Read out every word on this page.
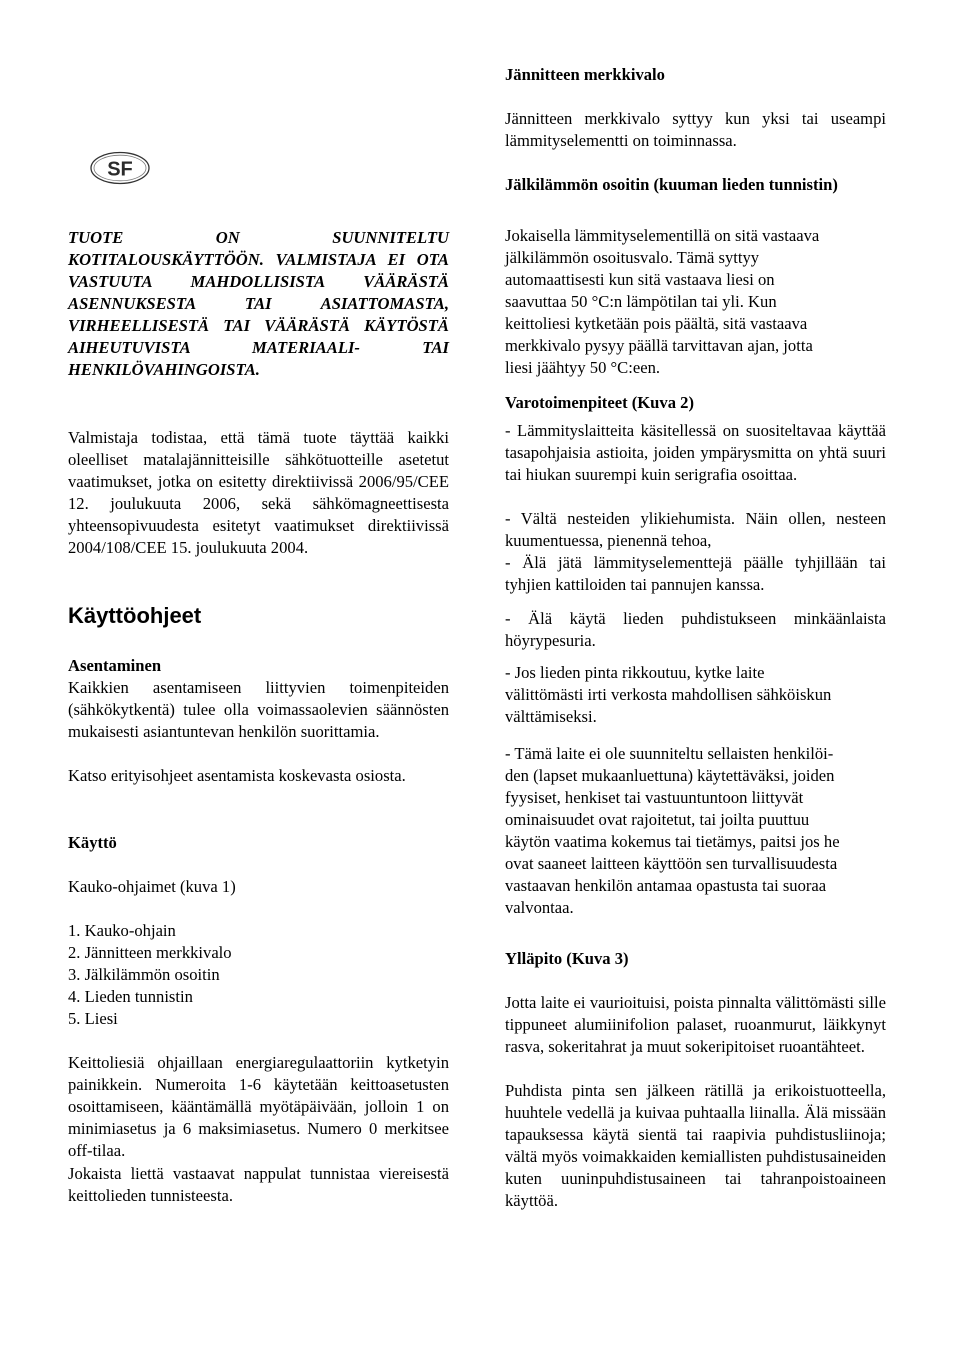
SF
TUOTE ON SUUNNITELTU KOTITALOUSKÄYTTÖÖN. VALMISTAJA EI OTA VASTUUTA MAHDOLLISISTA VÄÄRÄSTÄ ASENNUKSESTA TAI ASIATTOMASTA, VIRHEELLISESTÄ TAI VÄÄRÄSTÄ KÄYTÖSTÄ AIHEUTUVISTA MATERIAALI- TAI HENKILÖVAHINGOISTA.

Valmistaja todistaa, että tämä tuote täyttää kaikki oleelliset matalajännitteisille sähkötuotteille asetetut vaatimukset, jotka on esitetty direktiivissä 2006/95/CEE 12. joulukuuta 2006, sekä sähkömagneettisesta yhteensopivuudesta esitetyt vaatimukset direktiivissä 2004/108/CEE 15. joulukuuta 2004.

Käyttöohjeet
Asentaminen

Kaikkien asentamiseen liittyvien toimenpiteiden (sähkökytkentä) tulee olla voimassaolevien säännösten mukaisesti asiantuntevan henkilön suorittamia.

Katso erityisohjeet asentamista koskevasta osiosta.

Käyttö
Kauko-ohjaimet (kuva 1)
1. Kauko-ohjain
2. Jännitteen merkkivalo
3. Jälkilämmön osoitin
4. Lieden tunnistin
5. Liesi

Keittoliesiä ohjaillaan energiaregulaattoriin kytketyin painikkein. Numeroita 1-6 käytetään keittoasetusten osoittamiseen, kääntämällä myötäpäivään, jolloin 1 on minimiasetus ja 6 maksimiasetus. Numero 0 merkitsee off-tilaa.

Jokaista liettä vastaavat nappulat tunnistaa viereisestä keittolieden tunnisteesta.

Jännitteen merkkivalo

Jännitteen merkkivalo syttyy kun yksi tai useampi lämmityselementti on toiminnassa.

Jälkilämmön osoitin (kuuman lieden tunnistin)
Jokaisella lämmityselementillä on sitä vastaava
jälkilämmön osoitusvalo. Tämä syttyy
automaattisesti kun sitä vastaava liesi on
saavuttaa 50 °C:n lämpötilan tai yli. Kun
keittoliesi kytketään pois päältä, sitä vastaava
merkkivalo pysyy päällä tarvittavan ajan, jotta
liesi jäähtyy 50 °C:een.
Varotoimenpiteet (Kuva 2)

- Lämmityslaitteita käsitellessä on suositeltavaa käyttää tasapohjaisia astioita, joiden ympärysmitta on yhtä suuri tai hiukan suurempi kuin serigrafia osoittaa.

- Vältä nesteiden ylikiehumista. Näin ollen, nesteen kuumentuessa, pienennä tehoa,

- Älä jätä lämmityselementtejä päälle tyhjillään tai tyhjien kattiloiden tai pannujen kanssa.

- Älä käytä lieden puhdistukseen minkäänlaista höyrypesuria.

- Jos lieden pinta rikkoutuu, kytke laite
välittömästi irti verkosta mahdollisen sähköiskun
välttämiseksi.
- Tämä laite ei ole suunniteltu sellaisten henkilöi-
den (lapset mukaanluettuna) käytettäväksi, joiden
fyysiset, henkiset tai vastuuntuntoon liittyvät
ominaisuudet ovat rajoitetut, tai joilta puuttuu
käytön vaatima kokemus tai tietämys, paitsi jos he
ovat saaneet laitteen käyttöön sen turvallisuudesta
vastaavan henkilön antamaa opastusta tai suoraa
valvontaa.
Ylläpito (Kuva 3)

Jotta laite ei vaurioituisi, poista pinnalta välittömästi sille tippuneet alumiinifolion palaset, ruoanmurut, läikkynyt rasva, sokeritahrat ja muut sokeripitoiset ruoantähteet.

Puhdista pinta sen jälkeen rätillä ja erikoistuotteella, huuhtele vedellä ja kuivaa puhtaalla liinalla. Älä missään tapauksessa käytä sientä tai raapivia puhdistusliinoja; vältä myös voimakkaiden kemiallisten puhdistusaineiden kuten uuninpuhdistusaineen tai tahranpoistoaineen käyttöä.
